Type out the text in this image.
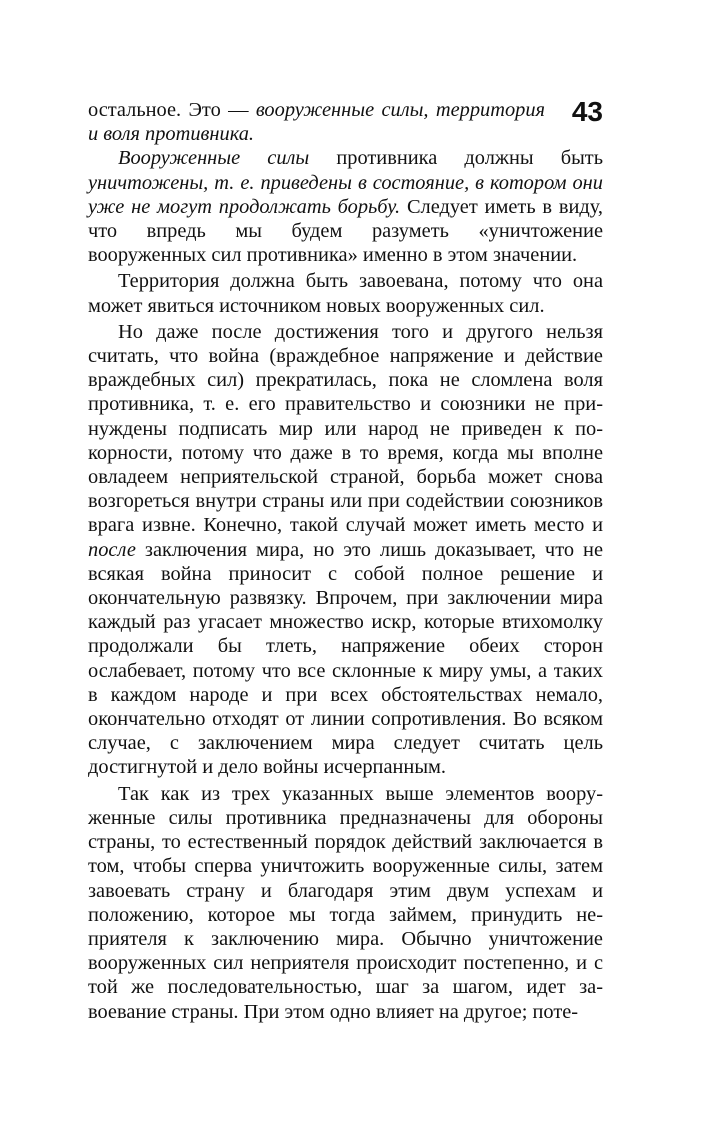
43

остальное. Это — вооруженные силы, территория и воля противника.

Вооруженные силы противника должны быть уничтожены, т. е. приведены в состояние, в котором они уже не могут продолжать борьбу. Следует иметь в виду, что впредь мы будем разуметь «уничтожение вооруженных сил противника» именно в этом значении.

Территория должна быть завоевана, потому что она может явиться источником новых вооруженных сил.

Но даже после достижения того и другого нельзя считать, что война (враждебное напряжение и действие враждебных сил) прекратилась, пока не сломлена воля противника, т. е. его правительство и союзники не принуждены подписать мир или народ не приведен к покорности, потому что даже в то время, когда мы вполне овладеем неприятельской страной, борьба может снова возгореться внутри страны или при содействии союзников врага извне. Конечно, такой случай может иметь место и после заключения мира, но это лишь доказывает, что не всякая война приносит с собой полное решение и окончательную развязку. Впрочем, при заключении мира каждый раз угасает множество искр, которые втихомолку продолжали бы тлеть, напряжение обеих сторон ослабевает, потому что все склонные к миру умы, а таких в каждом народе и при всех обстоятельствах немало, окончательно отходят от линии сопротивления. Во всяком случае, с заключением мира следует считать цель достигнутой и дело войны исчерпанным.

Так как из трех указанных выше элементов вооруженные силы противника предназначены для обороны страны, то естественный порядок действий заключается в том, чтобы сперва уничтожить вооруженные силы, затем завоевать страну и благодаря этим двум успехам и положению, которое мы тогда займем, принудить неприятеля к заключению мира. Обычно уничтожение вооруженных сил неприятеля происходит постепенно, и с той же последовательностью, шаг за шагом, идет завоевание страны. При этом одно влияет на другое; поте-
